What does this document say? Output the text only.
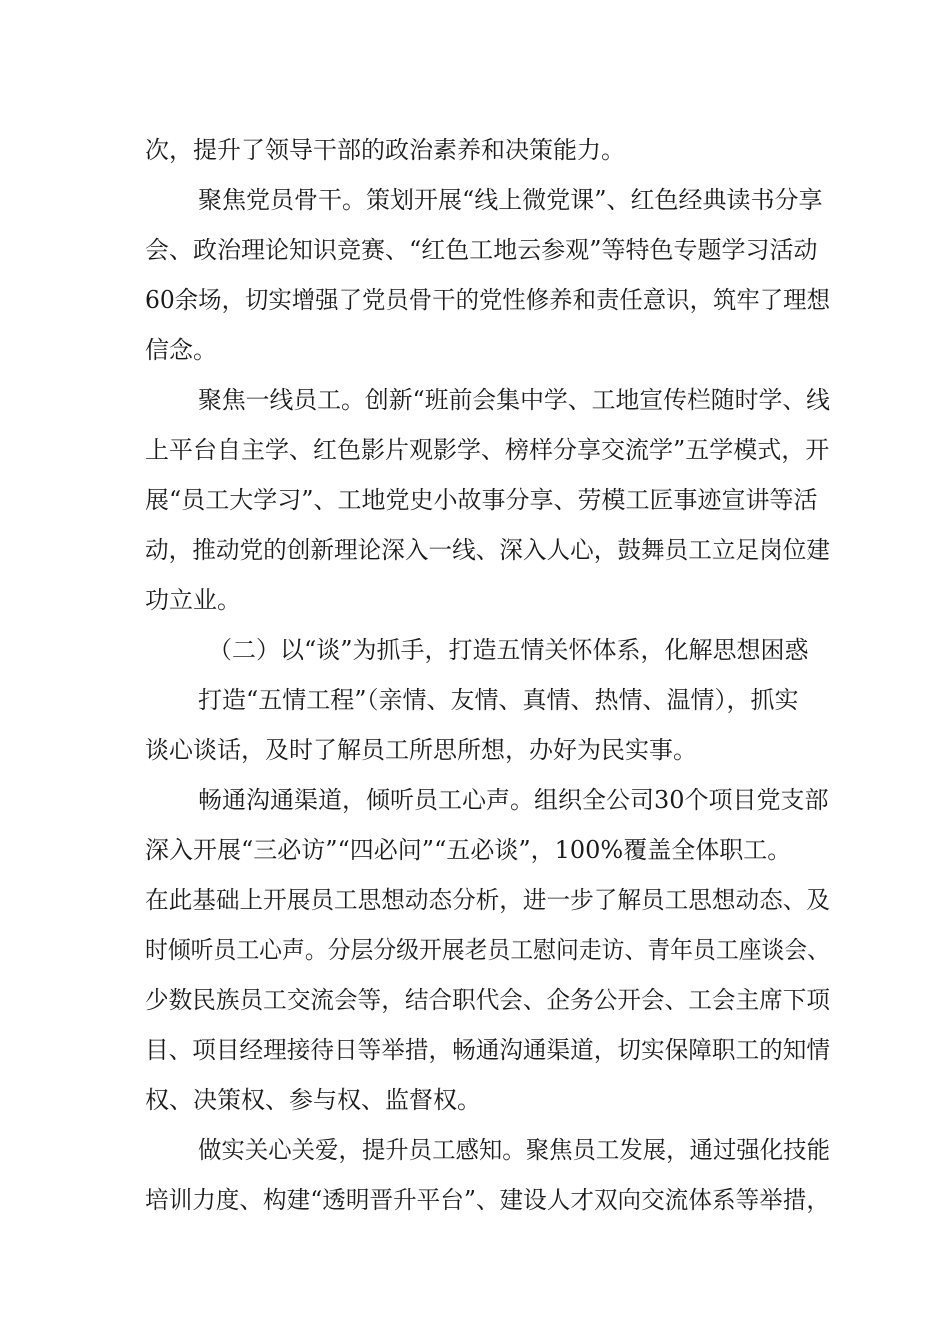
次，提升了领导干部的政治素养和决策能力。

聚焦党员骨干。策划开展“线上微党课”、红色经典读书分享

会、政治理论知识竞赛、“红色工地云参观”等特色专题学习活动

60余场，切实增强了党员骨干的党性修养和责任意识，筑牢了理想

信念。

聚焦一线员工。创新“班前会集中学、工地宣传栏随时学、线

上平台自主学、红色影片观影学、榜样分享交流学”五学模式，开

展“员工大学习”、工地党史小故事分享、劳模工匠事迹宣讲等活

动，推动党的创新理论深入一线、深入人心，鼓舞员工立足岗位建

功立业。

（二）以“谈”为抓手，打造五情关怀体系，化解思想困惑

打造“五情工程”（亲情、友情、真情、热情、温情），抓实

谈心谈话，及时了解员工所思所想，办好为民实事。

畅通沟通渠道，倾听员工心声。组织全公司30个项目党支部

深入开展“三必访”“四必问”“五必谈”，100%覆盖全体职工。

在此基础上开展员工思想动态分析，进一步了解员工思想动态、及

时倾听员工心声。分层分级开展老员工慰问走访、青年员工座谈会、

少数民族员工交流会等，结合职代会、企务公开会、工会主席下项

目、项目经理接待日等举措，畅通沟通渠道，切实保障职工的知情

权、决策权、参与权、监督权。

做实关心关爱，提升员工感知。聚焦员工发展，通过强化技能

培训力度、构建“透明晋升平台”、建设人才双向交流体系等举措，
